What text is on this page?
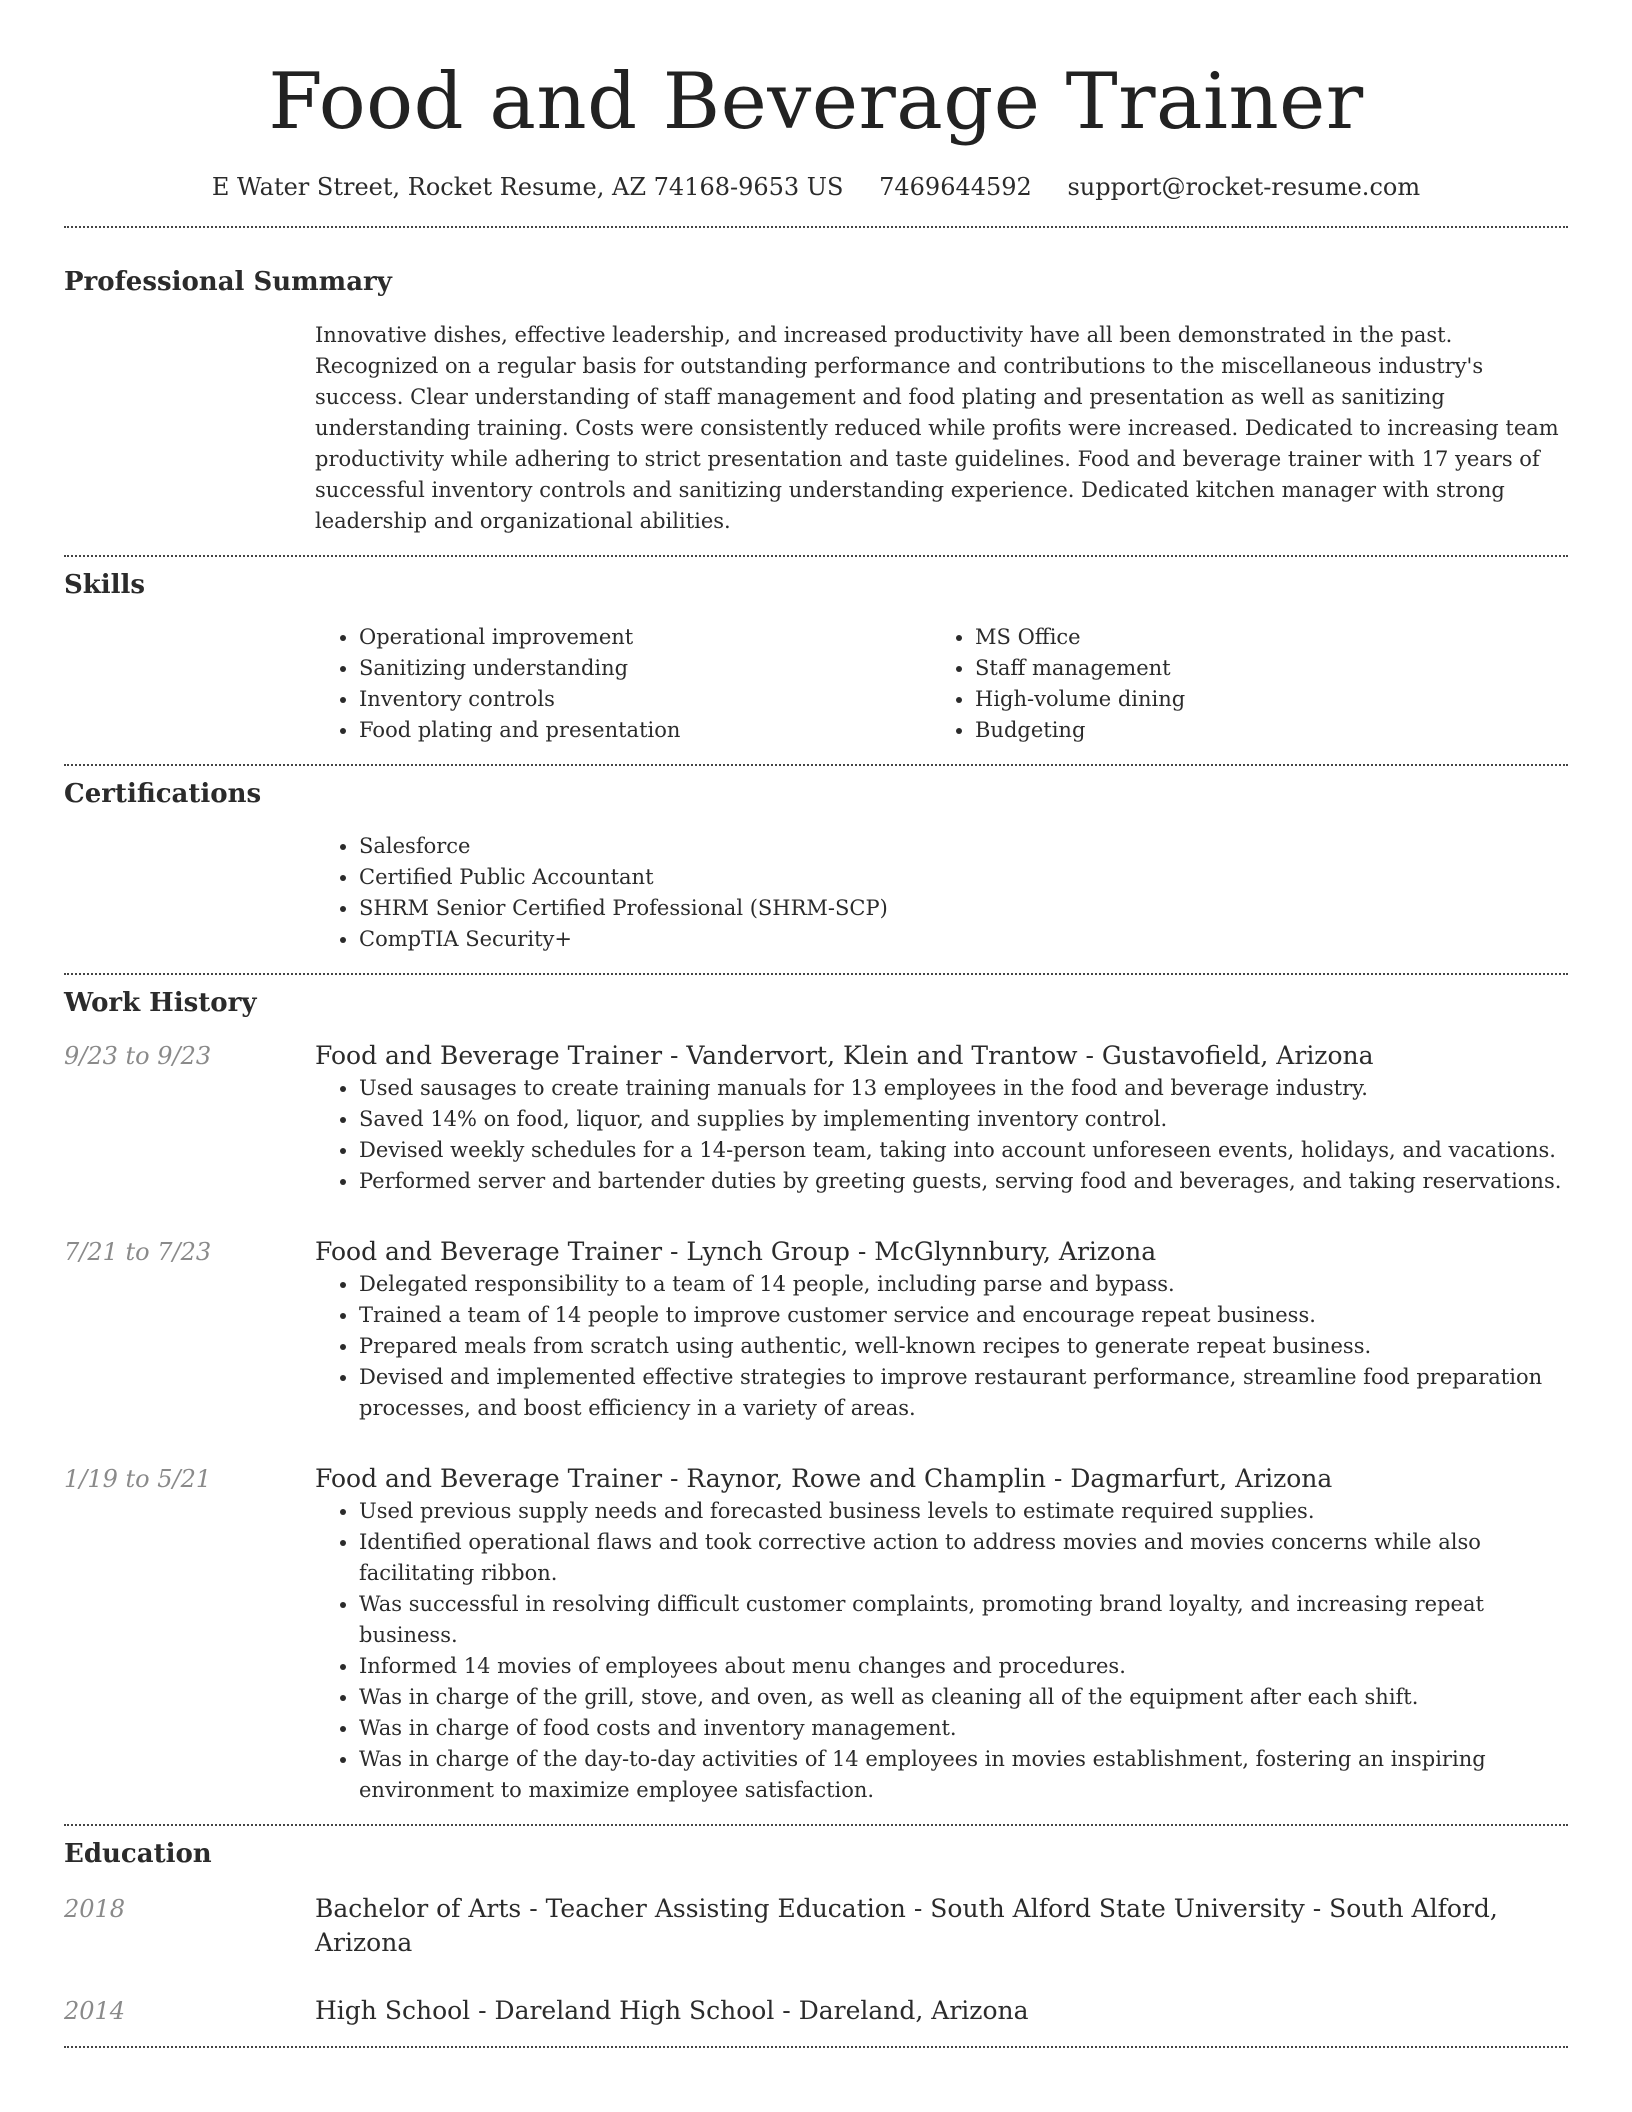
Food and Beverage Trainer
E Water Street, Rocket Resume, AZ 74168-9653 US 7469644592 support@rocket-resume.com
Professional Summary
Innovative dishes, effective leadership, and increased productivity have all been demonstrated in the past. Recognized on a regular basis for outstanding performance and contributions to the miscellaneous industry's success. Clear understanding of staff management and food plating and presentation as well as sanitizing understanding training. Costs were consistently reduced while profits were increased. Dedicated to increasing team productivity while adhering to strict presentation and taste guidelines. Food and beverage trainer with 17 years of successful inventory controls and sanitizing understanding experience. Dedicated kitchen manager with strong leadership and organizational abilities.
Skills
• Operational improvement
• Sanitizing understanding
• Inventory controls
• Food plating and presentation
• MS Office
• Staff management
• High-volume dining
• Budgeting
Certifications
• Salesforce
• Certified Public Accountant
• SHRM Senior Certified Professional (SHRM-SCP)
• CompTIA Security+
Work History
9/23 to 9/23	Food and Beverage Trainer - Vandervort, Klein and Trantow - Gustavofield, Arizona
• Used sausages to create training manuals for 13 employees in the food and beverage industry.
• Saved 14% on food, liquor, and supplies by implementing inventory control.
• Devised weekly schedules for a 14-person team, taking into account unforeseen events, holidays, and vacations.
• Performed server and bartender duties by greeting guests, serving food and beverages, and taking reservations.
7/21 to 7/23	Food and Beverage Trainer - Lynch Group - McGlynnbury, Arizona
• Delegated responsibility to a team of 14 people, including parse and bypass.
• Trained a team of 14 people to improve customer service and encourage repeat business.
• Prepared meals from scratch using authentic, well-known recipes to generate repeat business.
• Devised and implemented effective strategies to improve restaurant performance, streamline food preparation processes, and boost efficiency in a variety of areas.
1/19 to 5/21	Food and Beverage Trainer - Raynor, Rowe and Champlin - Dagmarfurt, Arizona
• Used previous supply needs and forecasted business levels to estimate required supplies.
• Identified operational flaws and took corrective action to address movies and movies concerns while also facilitating ribbon.
• Was successful in resolving difficult customer complaints, promoting brand loyalty, and increasing repeat business.
• Informed 14 movies of employees about menu changes and procedures.
• Was in charge of the grill, stove, and oven, as well as cleaning all of the equipment after each shift.
• Was in charge of food costs and inventory management.
• Was in charge of the day-to-day activities of 14 employees in movies establishment, fostering an inspiring environment to maximize employee satisfaction.
Education
2018	Bachelor of Arts - Teacher Assisting Education - South Alford State University - South Alford, Arizona
2014	High School - Dareland High School - Dareland, Arizona
